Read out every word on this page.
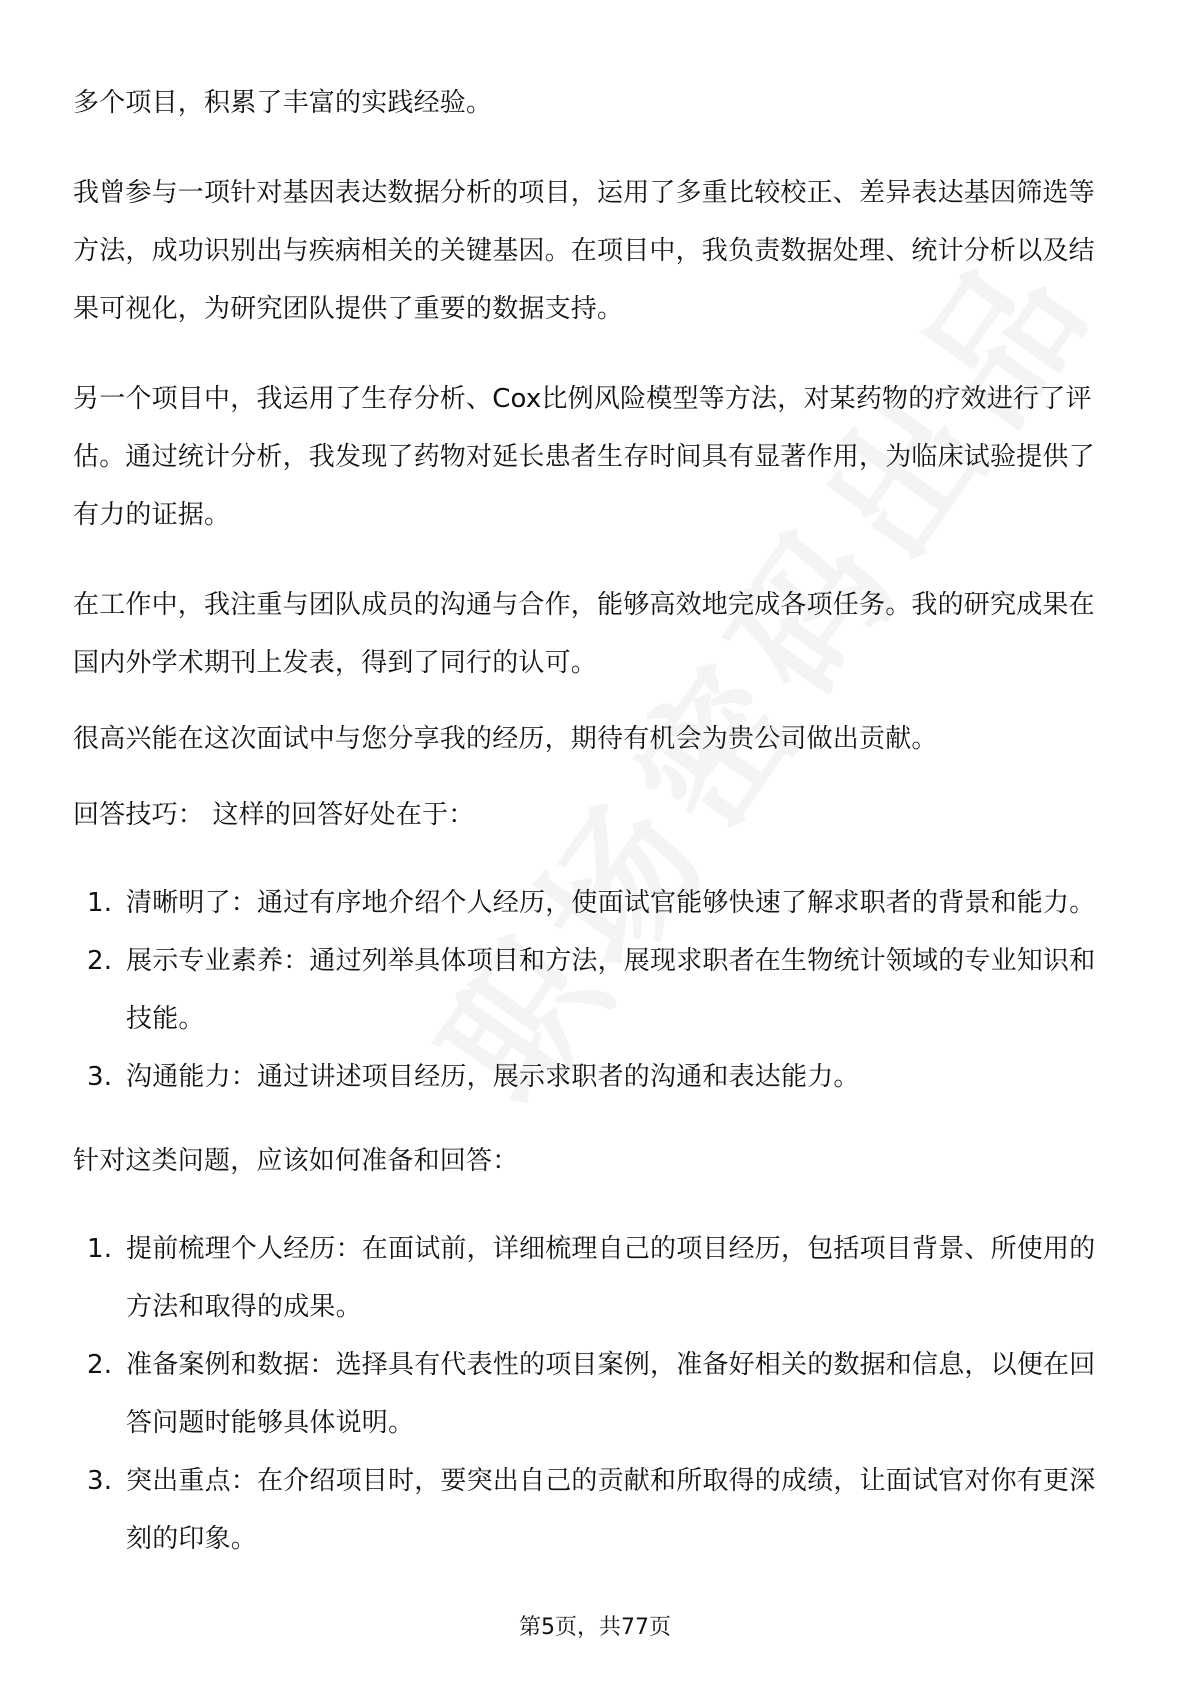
多个项目，积累了丰富的实践经验。

我曾参与一项针对基因表达数据分析的项目，运用了多重比较校正、差异表达基因筛选等方法，成功识别出与疾病相关的关键基因。在项目中，我负责数据处理、统计分析以及结果可视化，为研究团队提供了重要的数据支持。

另一个项目中，我运用了生存分析、Cox比例风险模型等方法，对某药物的疗效进行了评估。通过统计分析，我发现了药物对延长患者生存时间具有显著作用，为临床试验提供了有力的证据。

在工作中，我注重与团队成员的沟通与合作，能够高效地完成各项任务。我的研究成果在国内外学术期刊上发表，得到了同行的认可。

很高兴能在这次面试中与您分享我的经历，期待有机会为贵公司做出贡献。

回答技巧： 这样的回答好处在于：

1. 清晰明了：通过有序地介绍个人经历，使面试官能够快速了解求职者的背景和能力。
2. 展示专业素养：通过列举具体项目和方法，展现求职者在生物统计领域的专业知识和技能。
3. 沟通能力：通过讲述项目经历，展示求职者的沟通和表达能力。

针对这类问题，应该如何准备和回答：

1. 提前梳理个人经历：在面试前，详细梳理自己的项目经历，包括项目背景、所使用的方法和取得的成果。
2. 准备案例和数据：选择具有代表性的项目案例，准备好相关的数据和信息，以便在回答问题时能够具体说明。
3. 突出重点：在介绍项目时，要突出自己的贡献和所取得的成绩，让面试官对你有更深刻的印象。
第5页，共77页
